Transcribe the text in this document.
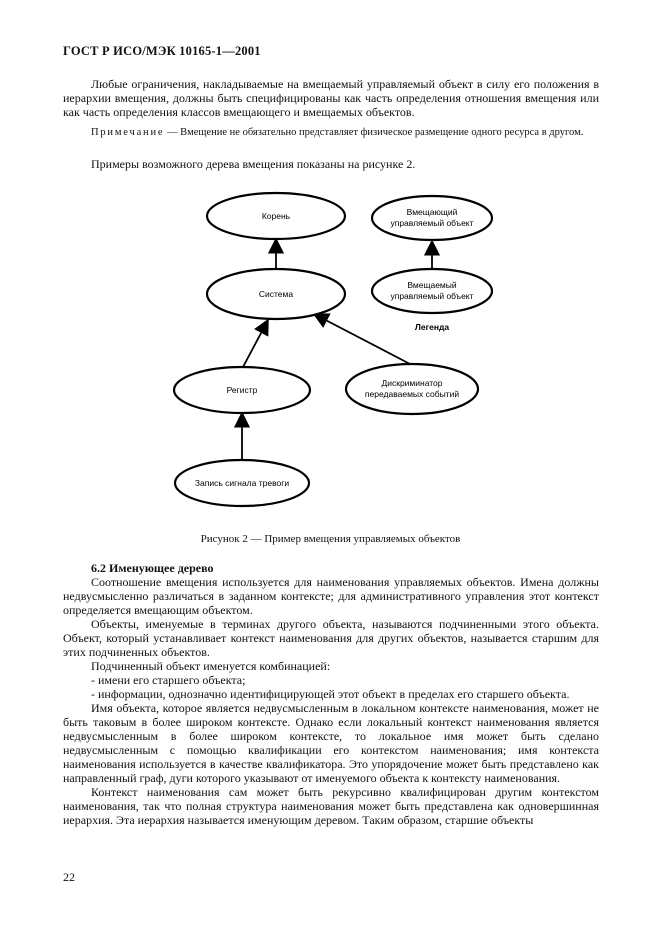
ГОСТ Р ИСО/МЭК 10165-1—2001

Любые ограничения, накладываемые на вмещаемый управляемый объект в силу его положения в иерархии вмещения, должны быть специфицированы как часть определения отношения вмещения или как часть определения классов вмещающего и вмещаемых объектов.

Примечание — Вмещение не обязательно представляет физическое размещение одного ресурса в другом.

Примеры возможного дерева вмещения показаны на рисунке 2.

Корень
Система
Регистр
Дискриминатор
передаваемых событий
Запись сигнала тревоги
Вмещающий
управляемый объект
Вмещаемый
управляемый объект
Легенда
Рисунок 2 — Пример вмещения управляемых объектов
6.2 Именующее дерево

Соотношение вмещения используется для наименования управляемых объектов. Имена должны недвусмысленно различаться в заданном контексте; для административного управления этот контекст определяется вмещающим объектом.

Объекты, именуемые в терминах другого объекта, называются подчиненными этого объекта. Объект, который устанавливает контекст наименования для других объектов, называется старшим для этих подчиненных объектов.

Подчиненный объект именуется комбинацией:

- имени его старшего объекта;
- информации, однозначно идентифицирующей этот объект в пределах его старшего объекта.

Имя объекта, которое является недвусмысленным в локальном контексте наименования, может не быть таковым в более широком контексте. Однако если локальный контекст наименования является недвусмысленным в более широком контексте, то локальное имя может быть сделано недвусмысленным с помощью квалификации его контекстом наименования; имя контекста наименования используется в качестве квалификатора. Это упорядочение может быть представлено как направленный граф, дуги которого указывают от именуемого объекта к контексту наименования.

Контекст наименования сам может быть рекурсивно квалифицирован другим контекстом наименования, так что полная структура наименования может быть представлена как одновершинная иерархия. Эта иерархия называется именующим деревом. Таким образом, старшие объекты

22
